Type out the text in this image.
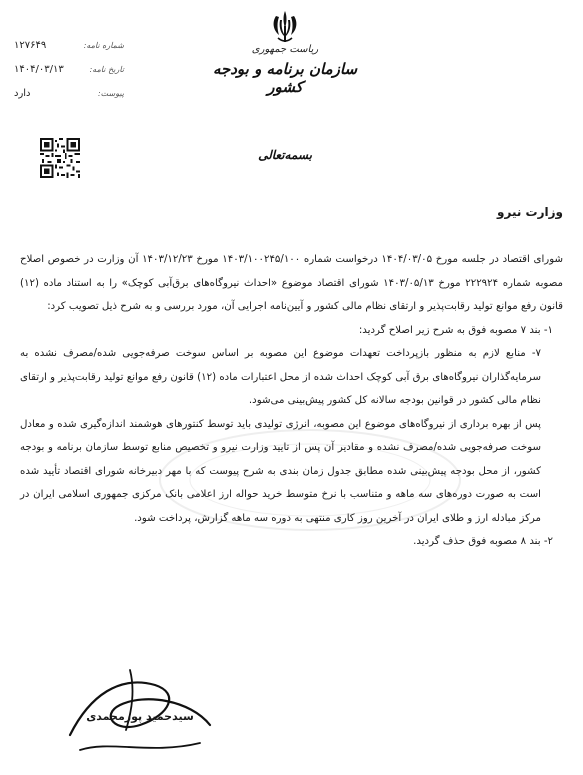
ریاست جمهوری
سازمان برنامه و بودجه کشور
شماره نامه:
۱۲۷۶۴۹
تاریخ نامه:
۱۴۰۴/۰۳/۱۳
پیوست:
دارد
بسمه‌تعالی
وزارت نیرو

شورای اقتصاد در جلسه مورخ ۱۴۰۴/۰۳/۰۵ درخواست شماره ۱۴۰۳/۱۰۰۲۴۵/۱۰۰ مورخ ۱۴۰۳/۱۲/۲۳ آن وزارت در خصوص اصلاح مصوبه شماره ۲۲۲۹۲۴ مورخ ۱۴۰۳/۰۵/۱۳ شورای اقتصاد موضوع «احداث نیروگاه‌های برق‌آبی کوچک» را به استناد ماده (۱۲) قانون رفع موانع تولید رقابت‌پذیر و ارتقای نظام مالی کشور و آیین‌نامه اجرایی آن، مورد بررسی و به شرح ذیل تصویب کرد:

۱- بند ۷ مصوبه فوق به شرح زیر اصلاح گردید:

۷- منابع لازم به منظور بازپرداخت تعهدات موضوع این مصوبه بر اساس سوخت صرفه‌جویی شده/مصرف نشده به سرمایه‌گذاران نیروگاه‌های برق آبی کوچک احداث شده از محل اعتبارات ماده (۱۲) قانون رفع موانع تولید رقابت‌پذیر و ارتقای نظام مالی کشور در قوانین بودجه سالانه کل کشور پیش‌بینی می‌شود.

پس از بهره برداری از نیروگاه‌های موضوع این مصوبه، انرژی تولیدی باید توسط کنتورهای هوشمند اندازه‌گیری شده و معادل سوخت صرفه‌جویی شده/مصرف نشده و مقادیر آن پس از تایید وزارت نیرو و تخصیص منابع توسط سازمان برنامه و بودجه کشور، از محل بودجه پیش‌بینی شده مطابق جدول زمان بندی به شرح پیوست که با مهر دبیرخانه شورای اقتصاد تأیید شده است به صورت دوره‌های سه ماهه و متناسب با نرخ متوسط خرید حواله ارز اعلامی بانک مرکزی جمهوری اسلامی ایران در مرکز مبادله ارز و طلای ایران در آخرین روز کاری منتهی به دوره سه ماهه گزارش، پرداخت شود.

۲- بند ۸ مصوبه فوق حذف گردید.

سیدحمید پورمحمدی
